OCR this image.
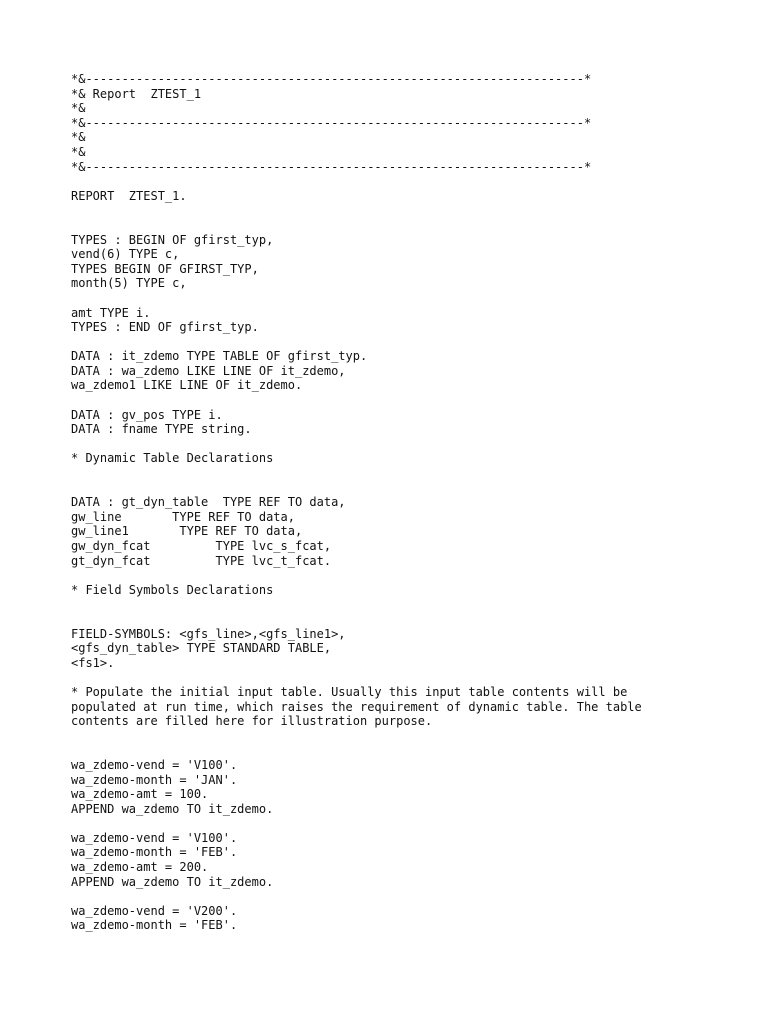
*&---------------------------------------------------------------------*
*& Report  ZTEST_1
*&
*&---------------------------------------------------------------------*
*&
*&
*&---------------------------------------------------------------------*
REPORT  ZTEST_1.
TYPES : BEGIN OF gfirst_typ,
vend(6) TYPE c,
TYPES BEGIN OF GFIRST_TYP,
month(5) TYPE c,
amt TYPE i.
TYPES : END OF gfirst_typ.
DATA : it_zdemo TYPE TABLE OF gfirst_typ.
DATA : wa_zdemo LIKE LINE OF it_zdemo,
wa_zdemo1 LIKE LINE OF it_zdemo.
DATA : gv_pos TYPE i.
DATA : fname TYPE string.
* Dynamic Table Declarations
DATA : gt_dyn_table  TYPE REF TO data,
gw_line       TYPE REF TO data,
gw_line1       TYPE REF TO data,
gw_dyn_fcat         TYPE lvc_s_fcat,
gt_dyn_fcat         TYPE lvc_t_fcat.
* Field Symbols Declarations
FIELD-SYMBOLS: <gfs_line>,<gfs_line1>,
<gfs_dyn_table> TYPE STANDARD TABLE,
<fs1>.
* Populate the initial input table. Usually this input table contents will be
populated at run time, which raises the requirement of dynamic table. The table
contents are filled here for illustration purpose.
wa_zdemo-vend = 'V100'.
wa_zdemo-month = 'JAN'.
wa_zdemo-amt = 100.
APPEND wa_zdemo TO it_zdemo.
wa_zdemo-vend = 'V100'.
wa_zdemo-month = 'FEB'.
wa_zdemo-amt = 200.
APPEND wa_zdemo TO it_zdemo.
wa_zdemo-vend = 'V200'.
wa_zdemo-month = 'FEB'.
